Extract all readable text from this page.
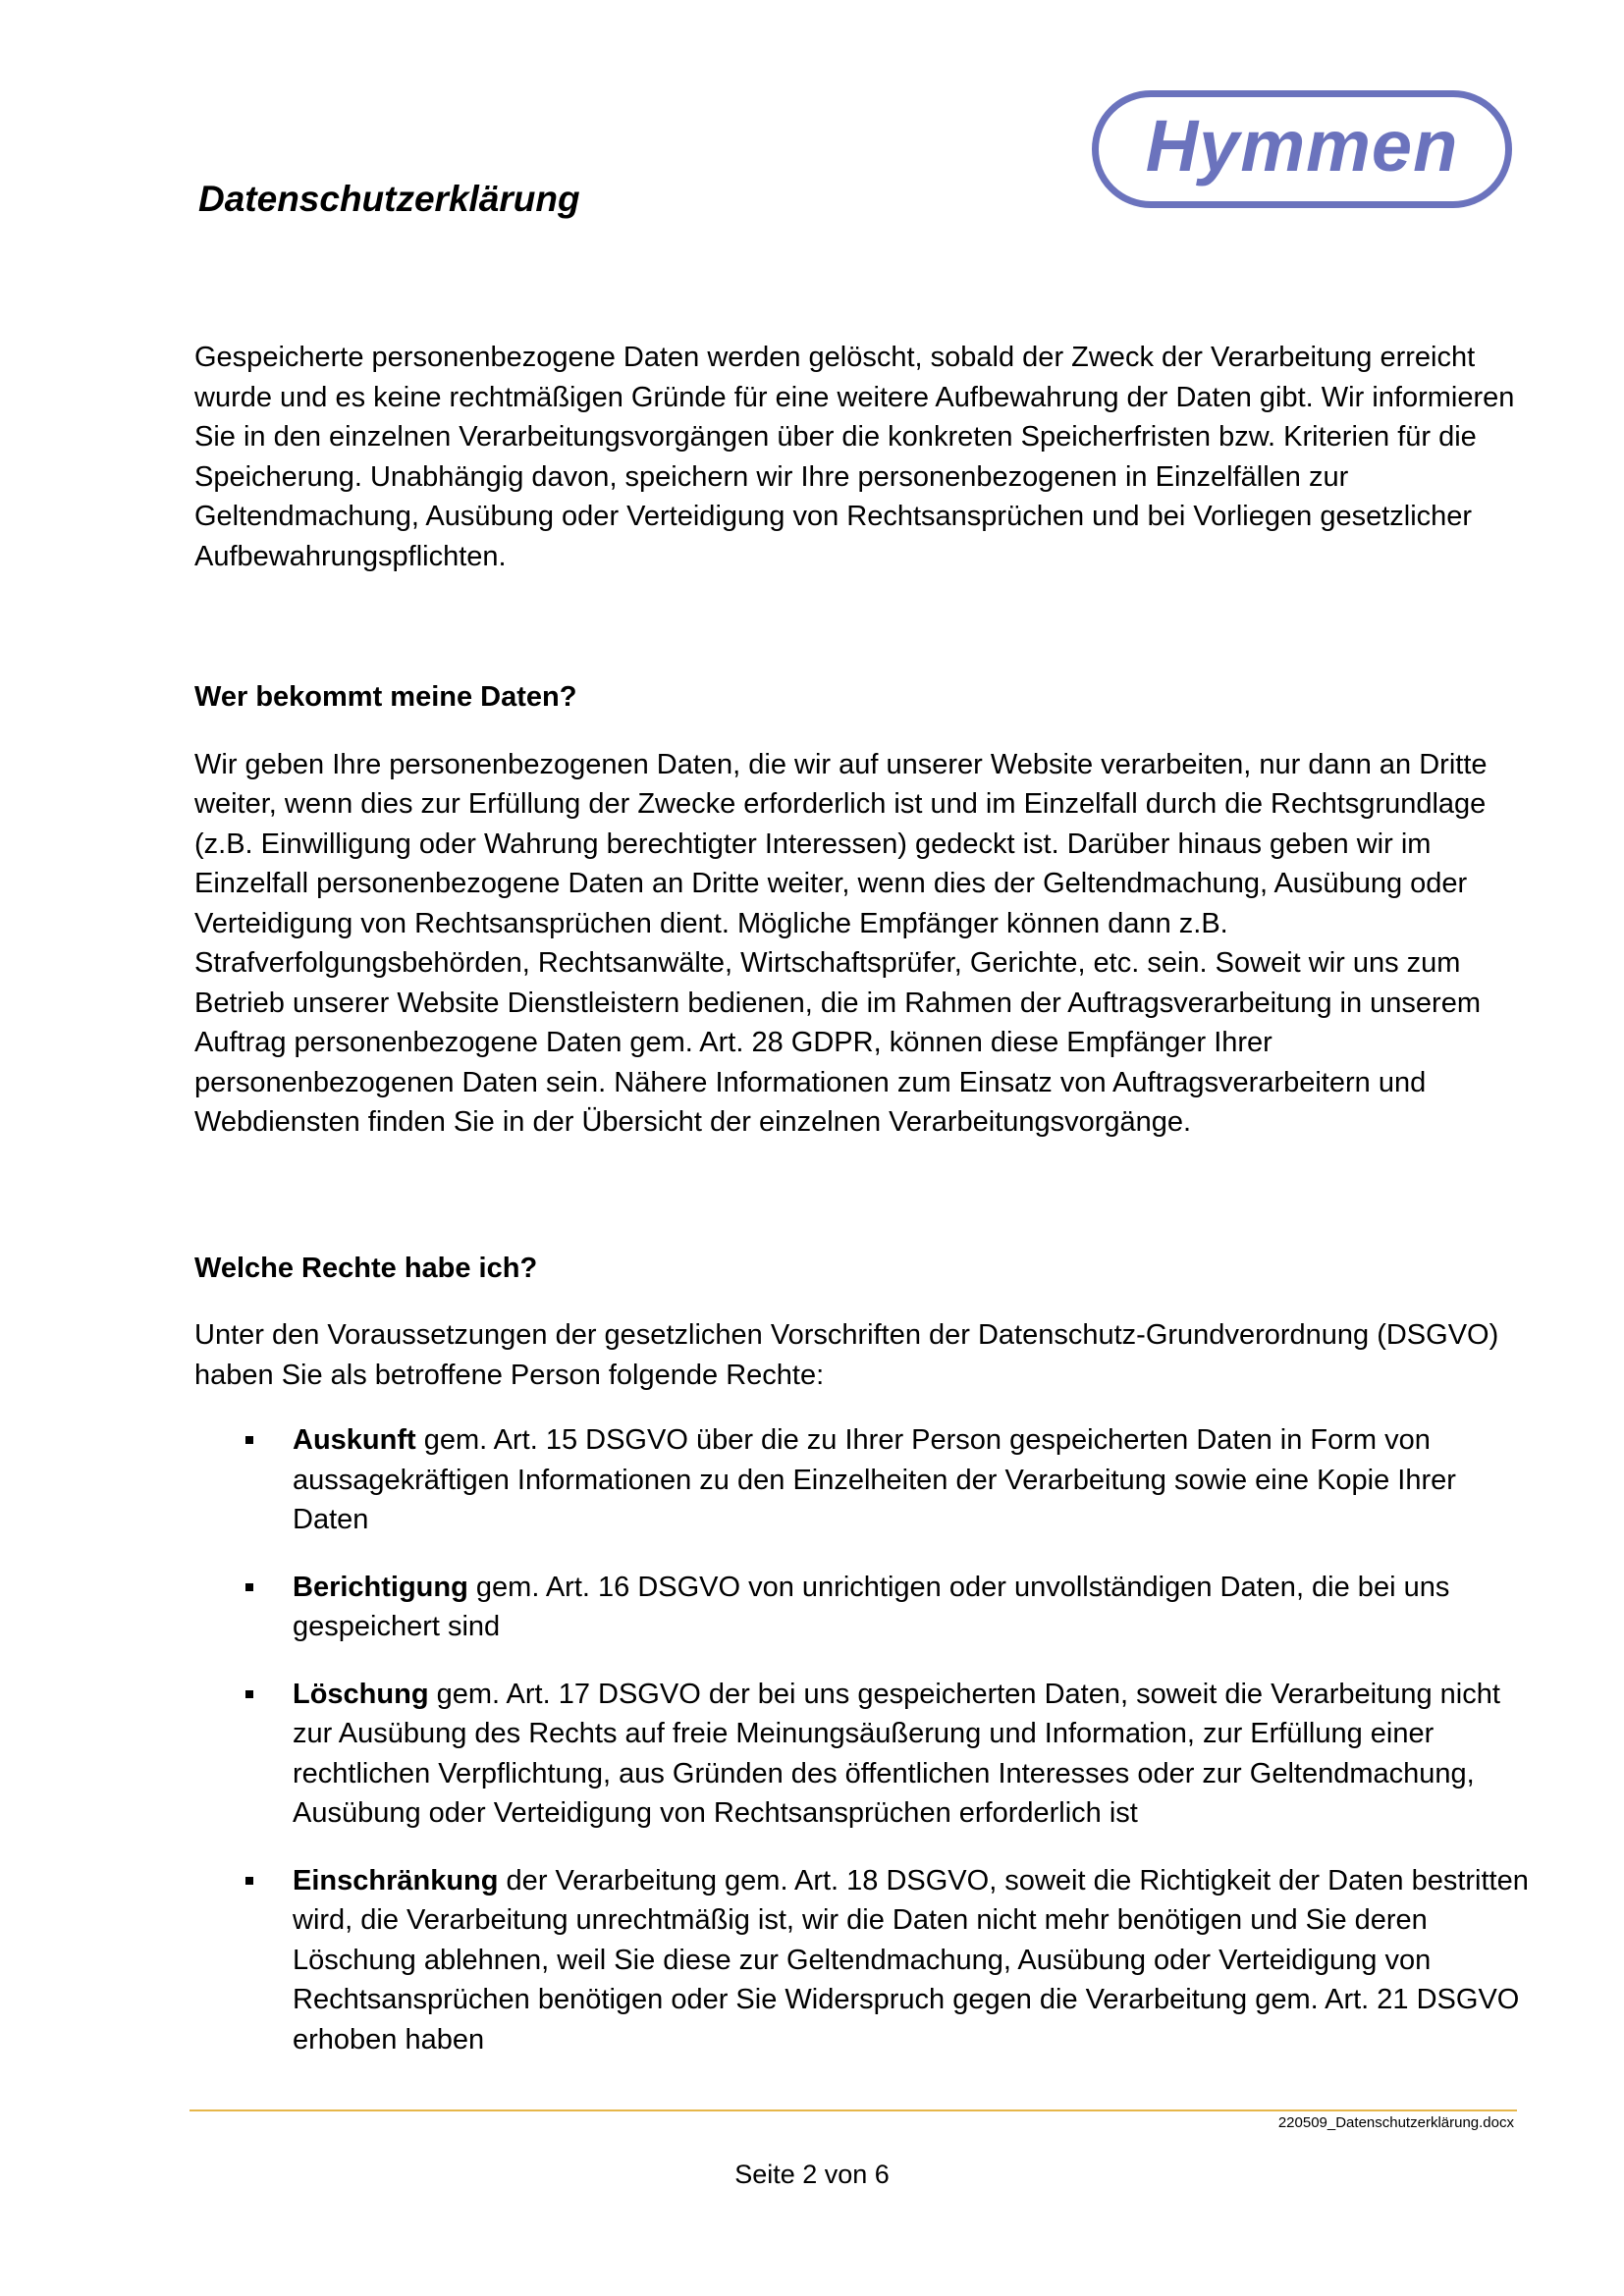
Datenschutzerklärung
Hymmen

Gespeicherte personenbezogene Daten werden gelöscht, sobald der Zweck der Verarbeitung erreicht wurde und es keine rechtmäßigen Gründe für eine weitere Aufbewahrung der Daten gibt. Wir informieren Sie in den einzelnen Verarbeitungsvorgängen über die konkreten Speicherfristen bzw. Kriterien für die Speicherung. Unabhängig davon, speichern wir Ihre personenbezogenen in Einzelfällen zur Geltendmachung, Ausübung oder Verteidigung von Rechtsansprüchen und bei Vorliegen gesetzlicher Aufbewahrungspflichten.

Wer bekommt meine Daten?

Wir geben Ihre personenbezogenen Daten, die wir auf unserer Website verarbeiten, nur dann an Dritte weiter, wenn dies zur Erfüllung der Zwecke erforderlich ist und im Einzelfall durch die Rechtsgrundlage (z.B. Einwilligung oder Wahrung berechtigter Interessen) gedeckt ist. Darüber hinaus geben wir im Einzelfall personenbezogene Daten an Dritte weiter, wenn dies der Geltendmachung, Ausübung oder Verteidigung von Rechtsansprüchen dient. Mögliche Empfänger können dann z.B. Strafverfolgungsbehörden, Rechtsanwälte, Wirtschaftsprüfer, Gerichte, etc. sein. Soweit wir uns zum Betrieb unserer Website Dienstleistern bedienen, die im Rahmen der Auftragsverarbeitung in unserem Auftrag personenbezogene Daten gem. Art. 28 GDPR, können diese Empfänger Ihrer personenbezogenen Daten sein. Nähere Informationen zum Einsatz von Auftragsverarbeitern und Webdiensten finden Sie in der Übersicht der einzelnen Verarbeitungsvorgänge.

Welche Rechte habe ich?

Unter den Voraussetzungen der gesetzlichen Vorschriften der Datenschutz-Grundverordnung (DSGVO) haben Sie als betroffene Person folgende Rechte:

Auskunft gem. Art. 15 DSGVO über die zu Ihrer Person gespeicherten Daten in Form von aussagekräftigen Informationen zu den Einzelheiten der Verarbeitung sowie eine Kopie Ihrer Daten
Berichtigung gem. Art. 16 DSGVO von unrichtigen oder unvollständigen Daten, die bei uns gespeichert sind
Löschung gem. Art. 17 DSGVO der bei uns gespeicherten Daten, soweit die Verarbeitung nicht zur Ausübung des Rechts auf freie Meinungsäußerung und Information, zur Erfüllung einer rechtlichen Verpflichtung, aus Gründen des öffentlichen Interesses oder zur Geltendmachung, Ausübung oder Verteidigung von Rechtsansprüchen erforderlich ist
Einschränkung der Verarbeitung gem. Art. 18 DSGVO, soweit die Richtigkeit der Daten bestritten wird, die Verarbeitung unrechtmäßig ist, wir die Daten nicht mehr benötigen und Sie deren Löschung ablehnen, weil Sie diese zur Geltendmachung, Ausübung oder Verteidigung von Rechtsansprüchen benötigen oder Sie Widerspruch gegen die Verarbeitung gem. Art. 21 DSGVO erhoben haben
220509_Datenschutzerklärung.docx
Seite 2 von 6
